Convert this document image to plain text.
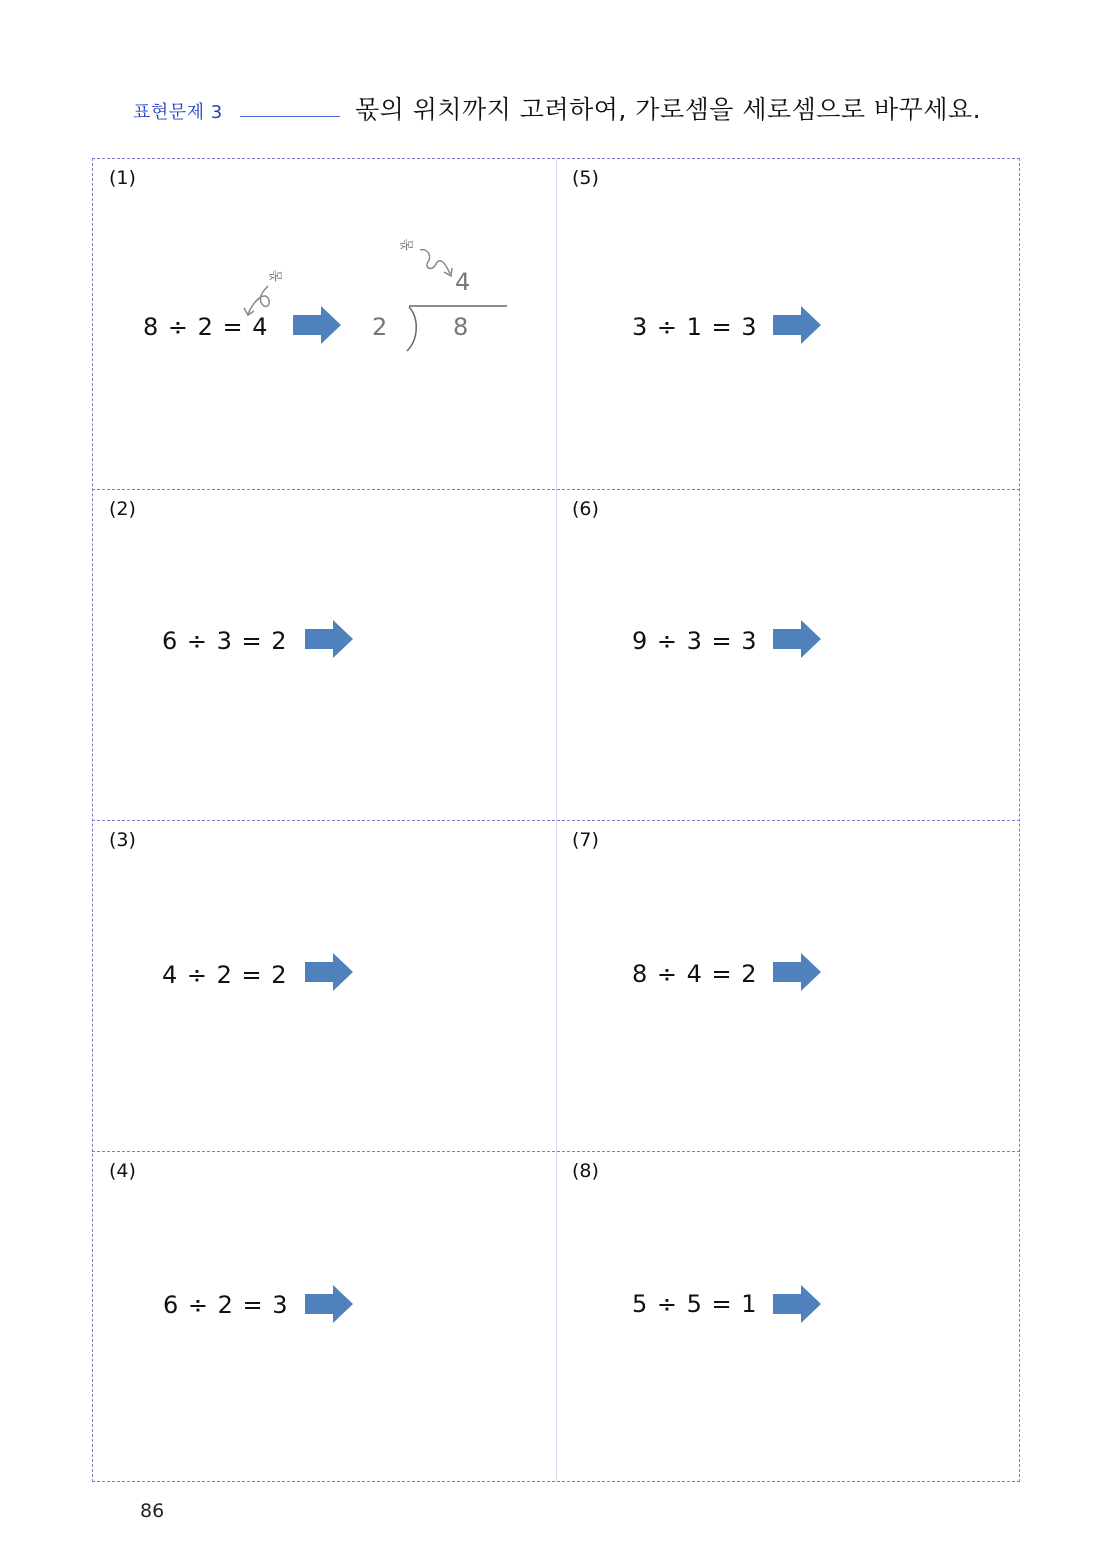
표현문제 3	몫의 위치까지 고려하여, 가로셈을 세로셈으로 바꾸세요.
(1)
(2)
(3)
(4)
(5)
(6)
(7)
(8)
8 ÷ 2 = 4
6 ÷ 3 = 2
4 ÷ 2 = 2
6 ÷ 2 = 3
3 ÷ 1 = 3
9 ÷ 3 = 3
8 ÷ 4 = 2
5 ÷ 5 = 1
몫
몫
4
2	8
86
